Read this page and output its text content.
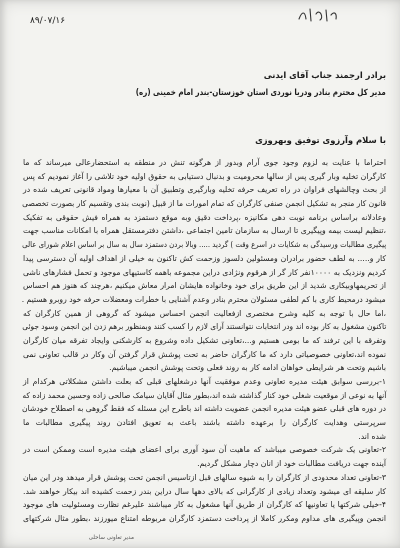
۸۹/۰۷/۱۶
برادر ارجمند جناب آقای ایدنی
مدیر کل محترم بنادر ودریا نوردی استان خوزستان-بندر امام خمینی (ره)
با سلام وآرزوی توفیق وبهروزی
احتراما با عنایت به لزوم وجود جوی آرام وبدور از هرگونه تنش در منطقه به استحضارعالی میرساند که ما
کارگران تخلیه وبار گیری پس از سالها محرومیت و بدنبال دستیابی به حقوق اولیه خود تلاشی را آغاز نمودیم که پس
از بحث وچالشهای فراوان در راه تعریف حرفه تخلیه وبارگیری وتطبیق آن با معیارها ومواد قانونی تعریف شده در
قانون کار منجر به تشکیل انجمن صنفی کارگران که تمام امورات ما از قبیل (نوبت بندی وتقسیم کار بصورت تخصصی
وعادلانه براساس برنامه نوبت دهی مکانیزه ،پرداخت دقیق وبه موقع دستمزد به همراه فیش حقوقی به تفکیک
،تنظیم لیست بیمه وپیگیری تا ارسال به سازمان تامین اجتماعی ،داشتن دفترمستقل همراه با امکانات مناسب جهت
پیگیری مطالبات ورسیدگی به شکایات در اسرع وقت ) گردید ..... وبالا بردن دستمزد سال به سال بر اساس اعلام شورای عالی
کار و..... به لطف حضور برادران ومسئولین دلسوز وزحمت کش تاکنون به خیلی از اهداف اولیه آن دسترسی پیدا
کردیم ونزدیک به ۱۰۰۰۰نفر کار گر از هرقوم ونژادی دراین مجموعه باهمه کاستیهای موجود و تحمل فشارهای ناشی
از تحریمهاوبیکاری شدید از این طریق برای خود وخانواده هایشان امرار معاش میکنیم ،هرچند که هنوز هم احساس
میشود درمحیط کاری با کم لطفی مسئولان محترم بنادر وعدم آشنایی با خطرات ومعضلات حرفه خود روبرو هستیم .
،اما حال با توجه به کلیه وشرح مختصری ازفعالیت انجمن احساس میشود که گروهی از همین کارگران که
تاکنون مشغول به کار بوده اند ودر انتخابات نتوانستند آرای لازم را کسب کنند وبمنظور برهم زدن این انجمن وسود جوئی
وتفرقه با این ترفند که ما بومی هستیم و...،تعاونی تشکیل داده وشروع به کارشکنی وایجاد تفرقه میان کارگران
نموده اند،تعاونی خصوصیاتی دارد که ما کارگران حاضر به تحت پوشش قرار گرفتن آن وکار در قالب تعاونی نمی
باشیم وتحت هر شرایطی خواهان ادامه کار به روند فعلی وتحت پوشش انجمن میباشیم.
۱-بررسی سوابق هیئت مدیره تعاونی وعدم موفقیت آنها درشغلهای قبلی که بعلت داشتن مشکلاتی هرکدام از
آنها به نوعی از موقعیت شغلی خود کنار گذاشته شده اند،بطور مثال آقایان سیامک صالحی زاده وحسین محمد زاده که
در دوره های قبلی عضو هیئت مدیره انجمن عضویت داشته اند باطرح این مسئله که فقط گروهی به اصطلاح خودشان
سرپرستی وهدایت کارگران را برعهده داشته باشند باعث به تعویق افتادن روند پیگیری مطالبات ما
شده اند.
۲-تعاونی یک شرکت خصوصی میباشد که ماهیت آن سود آوری برای اعضای هیئت مدیره است وممکن است در
آینده جهت دریافت مطالبات خود از انان دچار مشکل گردیم.
۳-تعاونی تعداد محدودی از کارگران را به شیوه سالهای قبل ازتاسیس انجمن تحت پوشش قرار میدهد ودر این میان
کار سلیقه ای میشود وتعداد زیادی از کارگرانی که بالای دهها سال دراین بندر زحمت کشیده اند بیکار خواهند شد.
۴-خیلی شرکتها یا تعاونیها که کارگران از طریق آنها مشغول به کار میباشند علیرغم نظارت ومسئولیت های موجود
انجمن وپیگیری های مداوم ومکرر کاملا از پرداخت دستمزد کارگران مربوطه امتناع میورزند ،بطور مثال شرکتهای
مدیر تعاونی ساحلی
